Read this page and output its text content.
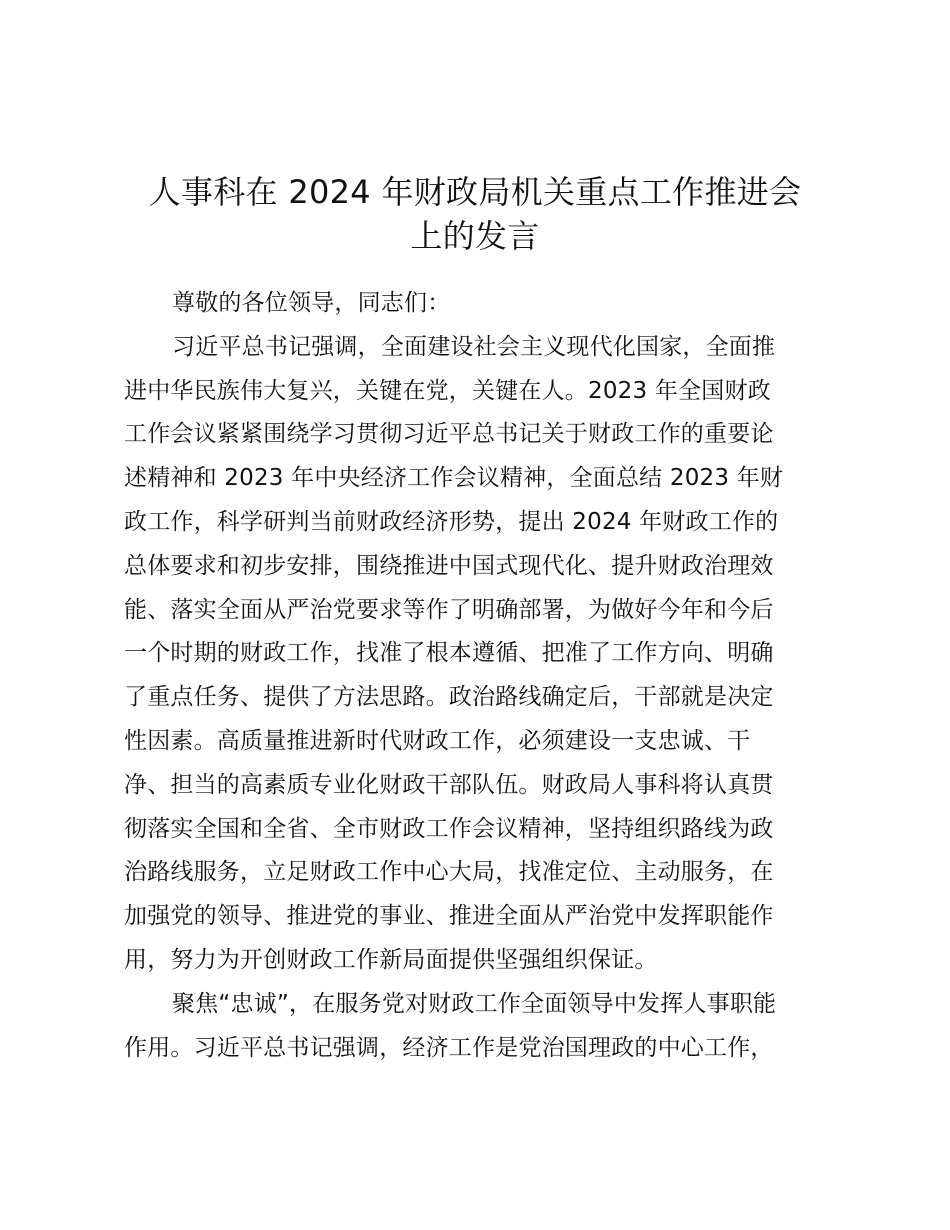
人事科在 2024 年财政局机关重点工作推进会
上的发言
尊敬的各位领导，同志们：
习近平总书记强调，全面建设社会主义现代化国家，全面推
进中华民族伟大复兴，关键在党，关键在人。2023 年全国财政
工作会议紧紧围绕学习贯彻习近平总书记关于财政工作的重要论
述精神和 2023 年中央经济工作会议精神，全面总结 2023 年财
政工作，科学研判当前财政经济形势，提出 2024 年财政工作的
总体要求和初步安排，围绕推进中国式现代化、提升财政治理效
能、落实全面从严治党要求等作了明确部署，为做好今年和今后
一个时期的财政工作，找准了根本遵循、把准了工作方向、明确
了重点任务、提供了方法思路。政治路线确定后，干部就是决定
性因素。高质量推进新时代财政工作，必须建设一支忠诚、干
净、担当的高素质专业化财政干部队伍。财政局人事科将认真贯
彻落实全国和全省、全市财政工作会议精神，坚持组织路线为政
治路线服务，立足财政工作中心大局，找准定位、主动服务，在
加强党的领导、推进党的事业、推进全面从严治党中发挥职能作
用，努力为开创财政工作新局面提供坚强组织保证。
聚焦“忠诚”，在服务党对财政工作全面领导中发挥人事职能
作用。习近平总书记强调，经济工作是党治国理政的中心工作，
